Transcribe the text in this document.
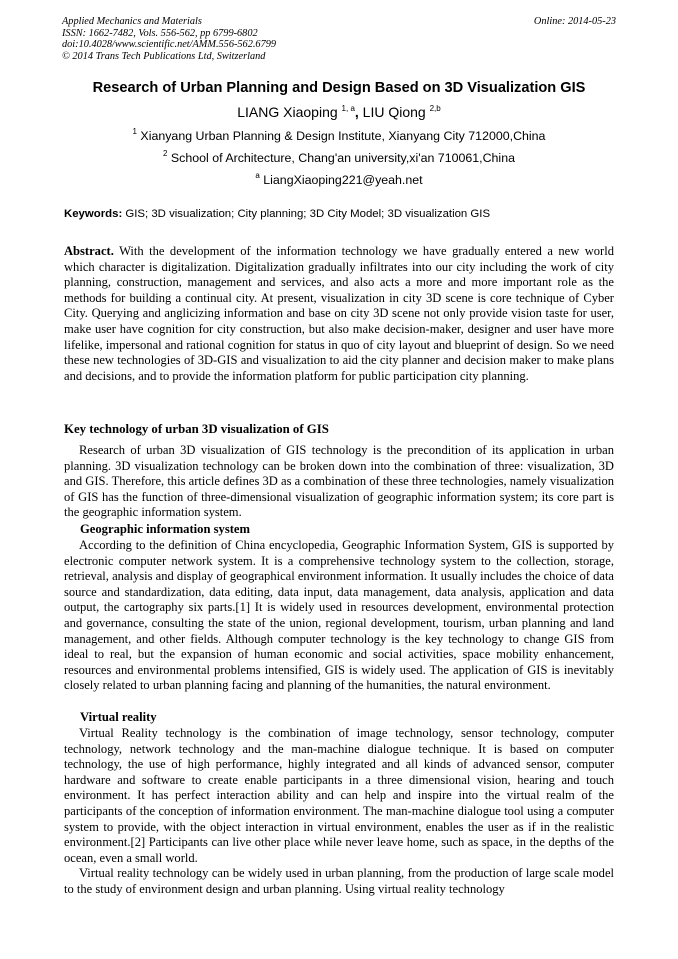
Applied Mechanics and Materials
ISSN: 1662-7482, Vols. 556-562, pp 6799-6802
doi:10.4028/www.scientific.net/AMM.556-562.6799
© 2014 Trans Tech Publications Ltd, Switzerland
Online: 2014-05-23
Research of Urban Planning and Design Based on 3D Visualization GIS
LIANG Xiaoping $^{1, a}$, LIU Qiong $^{2,b}$
$^1$ Xianyang Urban Planning & Design Institute, Xianyang City 712000,China
$^2$ School of Architecture, Chang'an university,xi'an 710061,China
$^a$ LiangXiaoping221@yeah.net
Keywords: GIS; 3D visualization; City planning; 3D City Model; 3D visualization GIS

Abstract. With the development of the information technology we have gradually entered a new world which character is digitalization. Digitalization gradually infiltrates into our city including the work of city planning, construction, management and services, and also acts a more and more important role as the methods for building a continual city. At present, visualization in city 3D scene is core technique of Cyber City. Querying and anglicizing information and base on city 3D scene not only provide vision taste for user, make user have cognition for city construction, but also make decision-maker, designer and user have more lifelike, impersonal and rational cognition for status in quo of city layout and blueprint of design. So we need these new technologies of 3D-GIS and visualization to aid the city planner and decision maker to make plans and decisions, and to provide the information platform for public participation city planning.

Key technology of urban 3D visualization of GIS

Research of urban 3D visualization of GIS technology is the precondition of its application in urban planning. 3D visualization technology can be broken down into the combination of three: visualization, 3D and GIS. Therefore, this article defines 3D as a combination of these three technologies, namely visualization of GIS has the function of three-dimensional visualization of geographic information system; its core part is the geographic information system.

Geographic information system

According to the definition of China encyclopedia, Geographic Information System, GIS is supported by electronic computer network system. It is a comprehensive technology system to the collection, storage, retrieval, analysis and display of geographical environment information. It usually includes the choice of data source and standardization, data editing, data input, data management, data analysis, application and data output, the cartography six parts.[1] It is widely used in resources development, environmental protection and governance, consulting the state of the union, regional development, tourism, urban planning and land management, and other fields. Although computer technology is the key technology to change GIS from ideal to real, but the expansion of human economic and social activities, space mobility enhancement, resources and environmental problems intensified, GIS is widely used. The application of GIS is inevitably closely related to urban planning facing and planning of the humanities, the natural environment.

Virtual reality

Virtual Reality technology is the combination of image technology, sensor technology, computer technology, network technology and the man-machine dialogue technique. It is based on computer technology, the use of high performance, highly integrated and all kinds of advanced sensor, computer hardware and software to create enable participants in a three dimensional vision, hearing and touch environment. It has perfect interaction ability and can help and inspire into the virtual realm of the participants of the conception of information environment. The man-machine dialogue tool using a computer system to provide, with the object interaction in virtual environment, enables the user as if in the realistic environment.[2] Participants can live other place while never leave home, such as space, in the depths of the ocean, even a small world.

Virtual reality technology can be widely used in urban planning, from the production of large scale model to the study of environment design and urban planning. Using virtual reality technology
